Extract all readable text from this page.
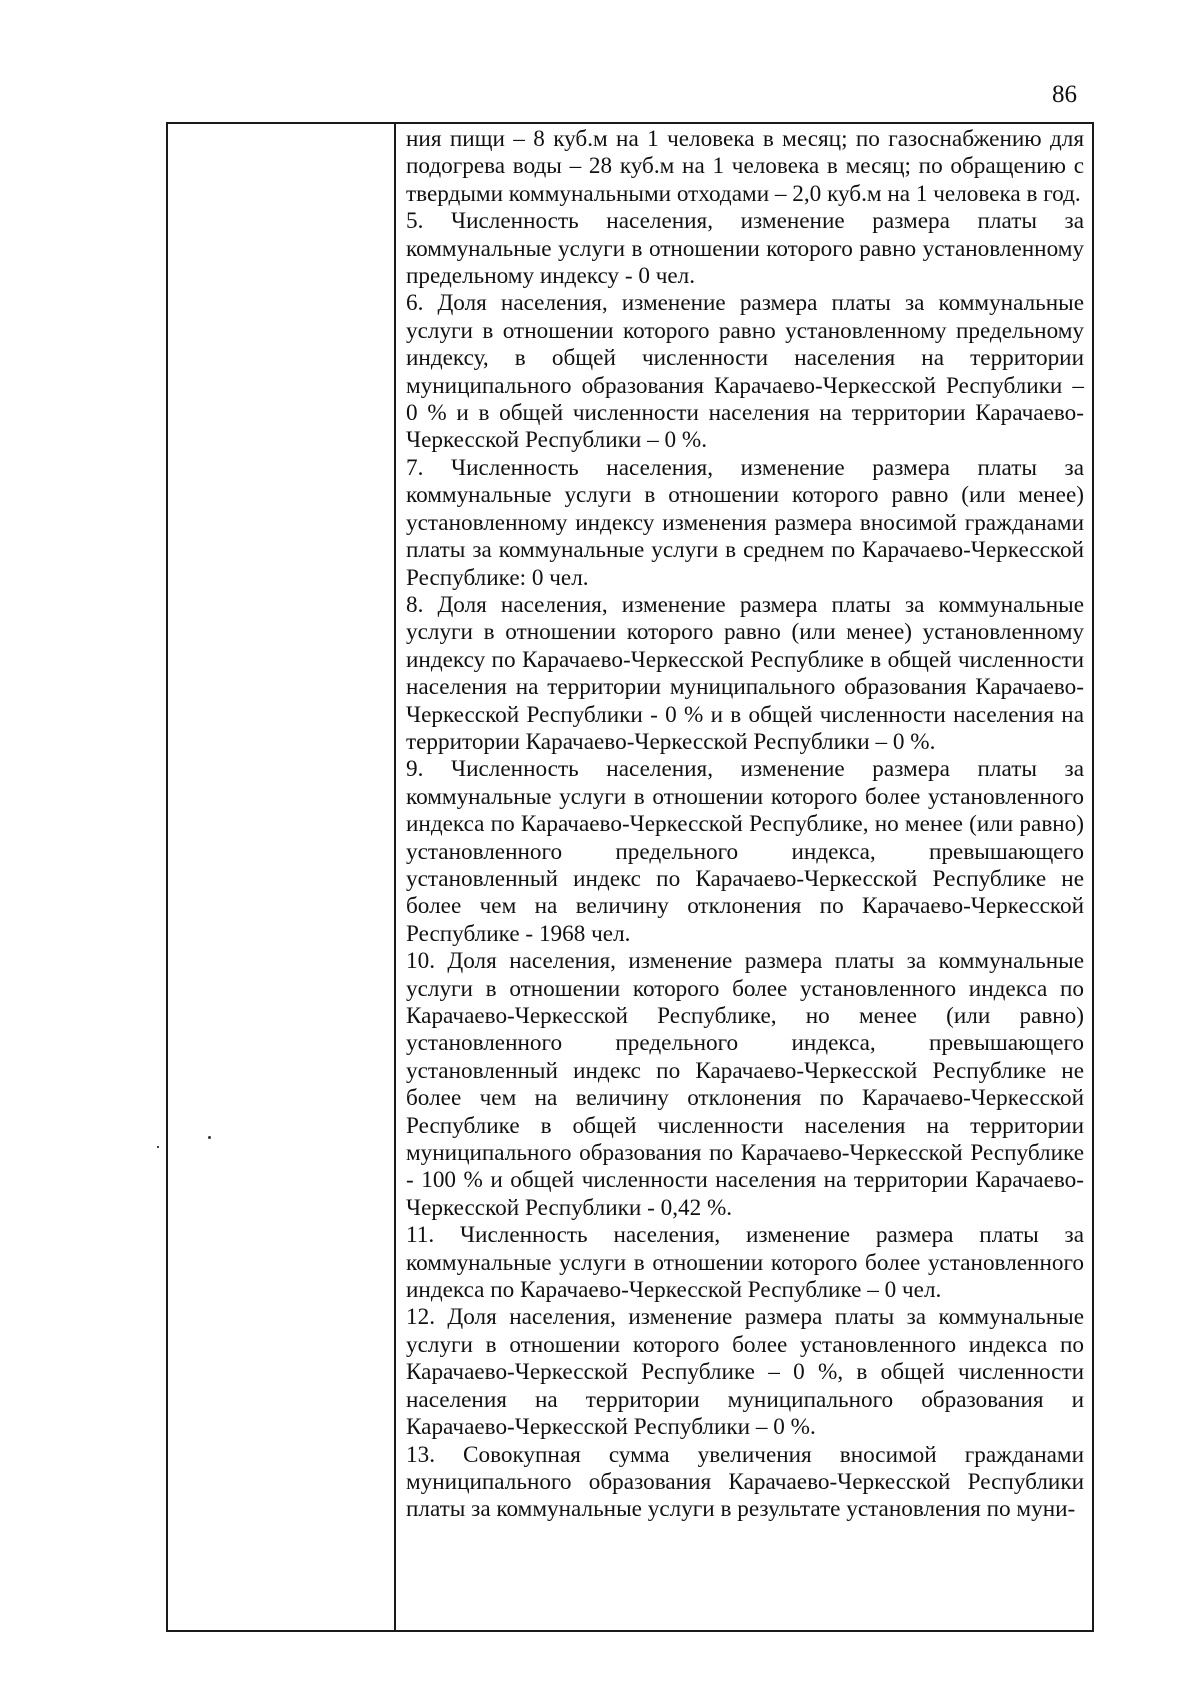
86

ния пищи – 8 куб.м на 1 человека в месяц; по газоснабжению для подогрева воды – 28 куб.м на 1 человека в месяц; по обращению с твердыми коммунальными отходами – 2,0 куб.м на 1 человека в год.

5. Численность населения, изменение размера платы за коммунальные услуги в отношении которого равно установленному предельному индексу - 0 чел.

6. Доля населения, изменение размера платы за коммунальные услуги в отношении которого равно установленному предельному индексу, в общей численности населения на территории муниципального образования Карачаево-Черкесской Республики – 0 % и в общей численности населения на территории Карачаево-Черкесской Республики – 0 %.

7. Численность населения, изменение размера платы за коммунальные услуги в отношении которого равно (или менее) установленному индексу изменения размера вносимой гражданами платы за коммунальные услуги в среднем по Карачаево-Черкесской Республике: 0 чел.

8. Доля населения, изменение размера платы за коммунальные услуги в отношении которого равно (или менее) установленному индексу по Карачаево-Черкесской Республике в общей численности населения на территории муниципального образования Карачаево-Черкесской Республики - 0 % и в общей численности населения на территории Карачаево-Черкесской Республики – 0 %.

9. Численность населения, изменение размера платы за коммунальные услуги в отношении которого более установленного индекса по Карачаево-Черкесской Республике, но менее (или равно) установленного предельного индекса, превышающего установленный индекс по Карачаево-Черкесской Республике не более чем на величину отклонения по Карачаево-Черкесской Республике - 1968 чел.

10. Доля населения, изменение размера платы за коммунальные услуги в отношении которого более установленного индекса по Карачаево-Черкесской Республике, но менее (или равно) установленного предельного индекса, превышающего установленный индекс по Карачаево-Черкесской Республике не более чем на величину отклонения по Карачаево-Черкесской Республике в общей численности населения на территории муниципального образования по Карачаево-Черкесской Республике - 100 % и общей численности населения на территории Карачаево-Черкесской Республики - 0,42 %.

11. Численность населения, изменение размера платы за коммунальные услуги в отношении которого более установленного индекса по Карачаево-Черкесской Республике – 0 чел.

12. Доля населения, изменение размера платы за коммунальные услуги в отношении которого более установленного индекса по Карачаево-Черкесской Республике – 0 %, в общей численности населения на территории муниципального образования и Карачаево-Черкесской Республики – 0 %.

13. Совокупная сумма увеличения вносимой гражданами муниципального образования Карачаево-Черкесской Республики платы за коммунальные услуги в результате установления по муни-
